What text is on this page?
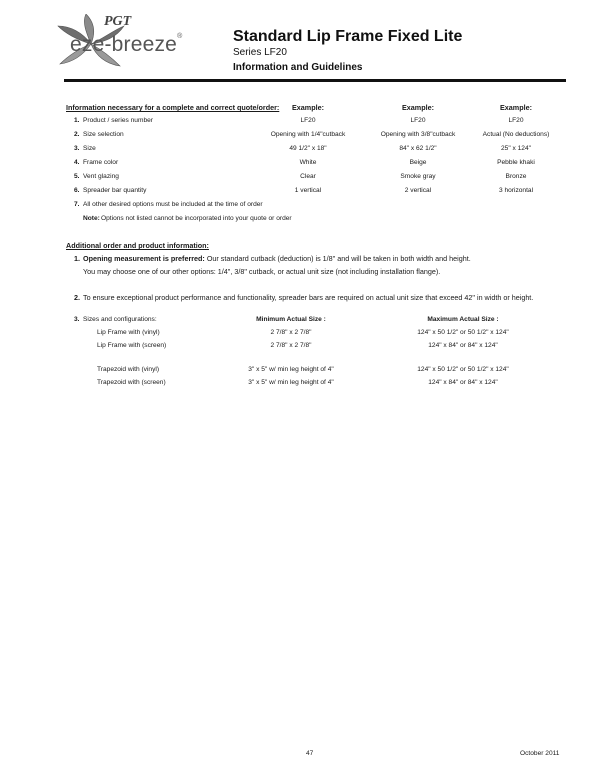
PGT
eze-breeze®	Standard Lip Frame Fixed Lite
Series LF20
Information and Guidelines
Information necessary for a complete and correct quote/order:	Example:	Example:	Example:
1. Product / series number	LF20	LF20	LF20
2. Size selection	Opening with 1/4"cutback	Opening with 3/8"cutback	Actual (No deductions)
3. Size	49 1/2" x 18"	84" x 62 1/2"	25" x 124"
4. Frame color	White	Beige	Pebble khaki
5. Vent glazing	Clear	Smoke gray	Bronze
6. Spreader bar quantity	1 vertical	2 vertical	3 horizontal
7. All other desired options must be included at the time of order
Note: Options not listed cannot be incorporated into your quote or order
Additional order and product information:
1. Opening measurement is preferred: Our standard cutback (deduction) is 1/8" and will be taken in both width and height.
You may choose one of our other options: 1/4", 3/8" cutback, or actual unit size (not including installation flange).
2. To ensure exceptional product performance and functionality, spreader bars are required on actual unit size that exceed 42" in width or height.
3. Sizes and configurations:	Minimum Actual Size :	Maximum Actual Size :
Lip Frame with (vinyl)	2 7/8" x 2 7/8"	124" x 50 1/2" or 50 1/2" x 124"
Lip Frame with (screen)	2 7/8" x 2 7/8"	124" x 84" or 84" x 124"
Trapezoid with (vinyl)	3" x 5" w/ min leg height of 4"	124" x 50 1/2" or 50 1/2" x 124"
Trapezoid with (screen)	3" x 5" w/ min leg height of 4"	124" x 84" or 84" x 124"
47	October 2011
